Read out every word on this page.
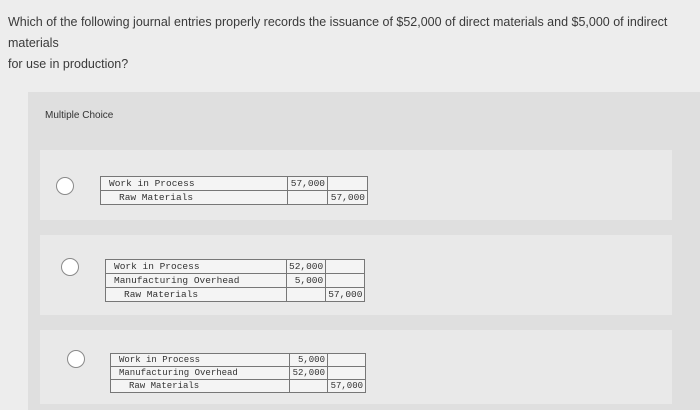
Which of the following journal entries properly records the issuance of $52,000 of direct materials and $5,000 of indirect materials
for use in production?
Multiple Choice
Work in Process	57,000	
Raw Materials		57,000
Work in Process	52,000	
Manufacturing Overhead	5,000	
Raw Materials		57,000
Work in Process	5,000	
Manufacturing Overhead	52,000	
Raw Materials		57,000
